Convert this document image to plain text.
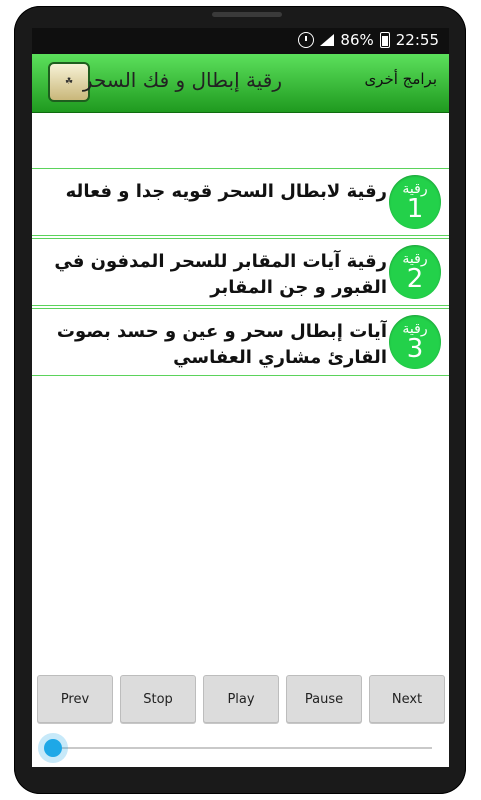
86% 22:55
☘ رقية إبطال و فك السحر	برامج أخرى
رقية
1
رقية لابطال السحر قويه جدا و فعاله
رقية
2
رقية آيات المقابر للسحر المدفون في القبور و جن المقابر
رقية
3
آيات إبطال سحر و عين و حسد بصوت القارئ مشاري العفاسي
Prev	Stop	Play	Pause	Next
